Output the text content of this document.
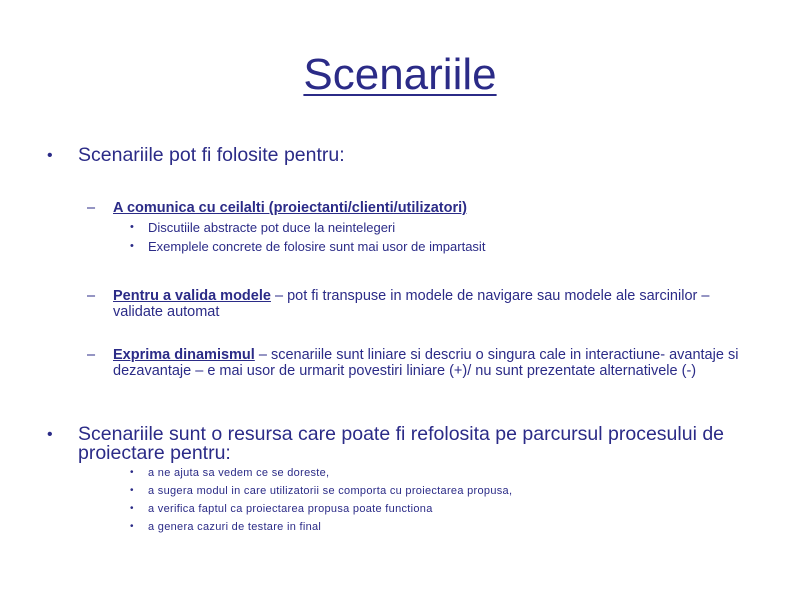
Scenariile
• Scenariile pot fi folosite pentru:
– A comunica cu ceilalti (proiectanti/clienti/utilizatori)
• Discutiile abstracte pot duce la neintelegeri
• Exemplele concrete de folosire sunt mai usor de impartasit
– Pentru a valida modele – pot fi transpuse in modele de navigare sau modele ale sarcinilor – validate automat
– Exprima dinamismul – scenariile sunt liniare si descriu o singura cale in interactiune- avantaje si dezavantaje – e mai usor de urmarit povestiri liniare (+)/ nu sunt prezentate alternativele (-)
• Scenariile sunt o resursa care poate fi refolosita pe parcursul procesului de proiectare pentru:
• a ne ajuta sa vedem ce se doreste,
• a sugera modul in care utilizatorii se comporta cu proiectarea propusa,
• a verifica faptul ca proiectarea propusa poate functiona
• a genera cazuri de testare in final
